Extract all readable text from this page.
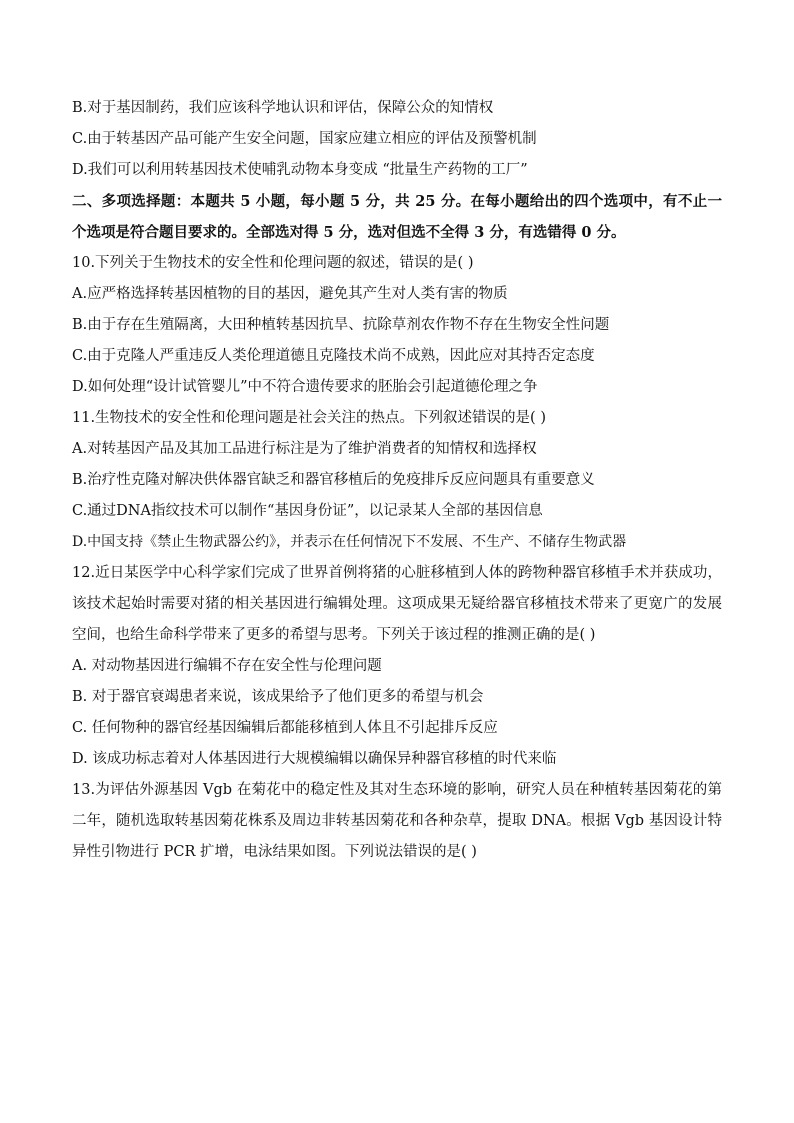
B.对于基因制药，我们应该科学地认识和评估，保障公众的知情权
C.由于转基因产品可能产生安全问题，国家应建立相应的评估及预警机制
D.我们可以利用转基因技术使哺乳动物本身变成 “批量生产药物的工厂”
二、多项选择题：本题共 5 小题，每小题 5 分，共 25 分。在每小题给出的四个选项中，有不止一个选项是符合题目要求的。全部选对得 5 分，选对但选不全得 3 分，有选错得 0 分。
10.下列关于生物技术的安全性和伦理问题的叙述，错误的是( )
A.应严格选择转基因植物的目的基因，避免其产生对人类有害的物质
B.由于存在生殖隔离，大田种植转基因抗旱、抗除草剂农作物不存在生物安全性问题
C.由于克隆人严重违反人类伦理道德且克隆技术尚不成熟，因此应对其持否定态度
D.如何处理“设计试管婴儿”中不符合遗传要求的胚胎会引起道德伦理之争
11.生物技术的安全性和伦理问题是社会关注的热点。下列叙述错误的是( )
A.对转基因产品及其加工品进行标注是为了维护消费者的知情权和选择权
B.治疗性克隆对解决供体器官缺乏和器官移植后的免疫排斥反应问题具有重要意义
C.通过DNA指纹技术可以制作“基因身份证”，以记录某人全部的基因信息
D.中国支持《禁止生物武器公约》，并表示在任何情况下不发展、不生产、不储存生物武器
12.近日某医学中心科学家们完成了世界首例将猪的心脏移植到人体的跨物种器官移植手术并获成功，该技术起始时需要对猪的相关基因进行编辑处理。这项成果无疑给器官移植技术带来了更宽广的发展空间，也给生命科学带来了更多的希望与思考。下列关于该过程的推测正确的是( )
A. 对动物基因进行编辑不存在安全性与伦理问题
B. 对于器官衰竭患者来说，该成果给予了他们更多的希望与机会
C. 任何物种的器官经基因编辑后都能移植到人体且不引起排斥反应
D. 该成功标志着对人体基因进行大规模编辑以确保异种器官移植的时代来临
13.为评估外源基因 Vgb 在菊花中的稳定性及其对生态环境的影响，研究人员在种植转基因菊花的第二年，随机选取转基因菊花株系及周边非转基因菊花和各种杂草，提取 DNA。根据 Vgb 基因设计特异性引物进行 PCR 扩增，电泳结果如图。下列说法错误的是( )
